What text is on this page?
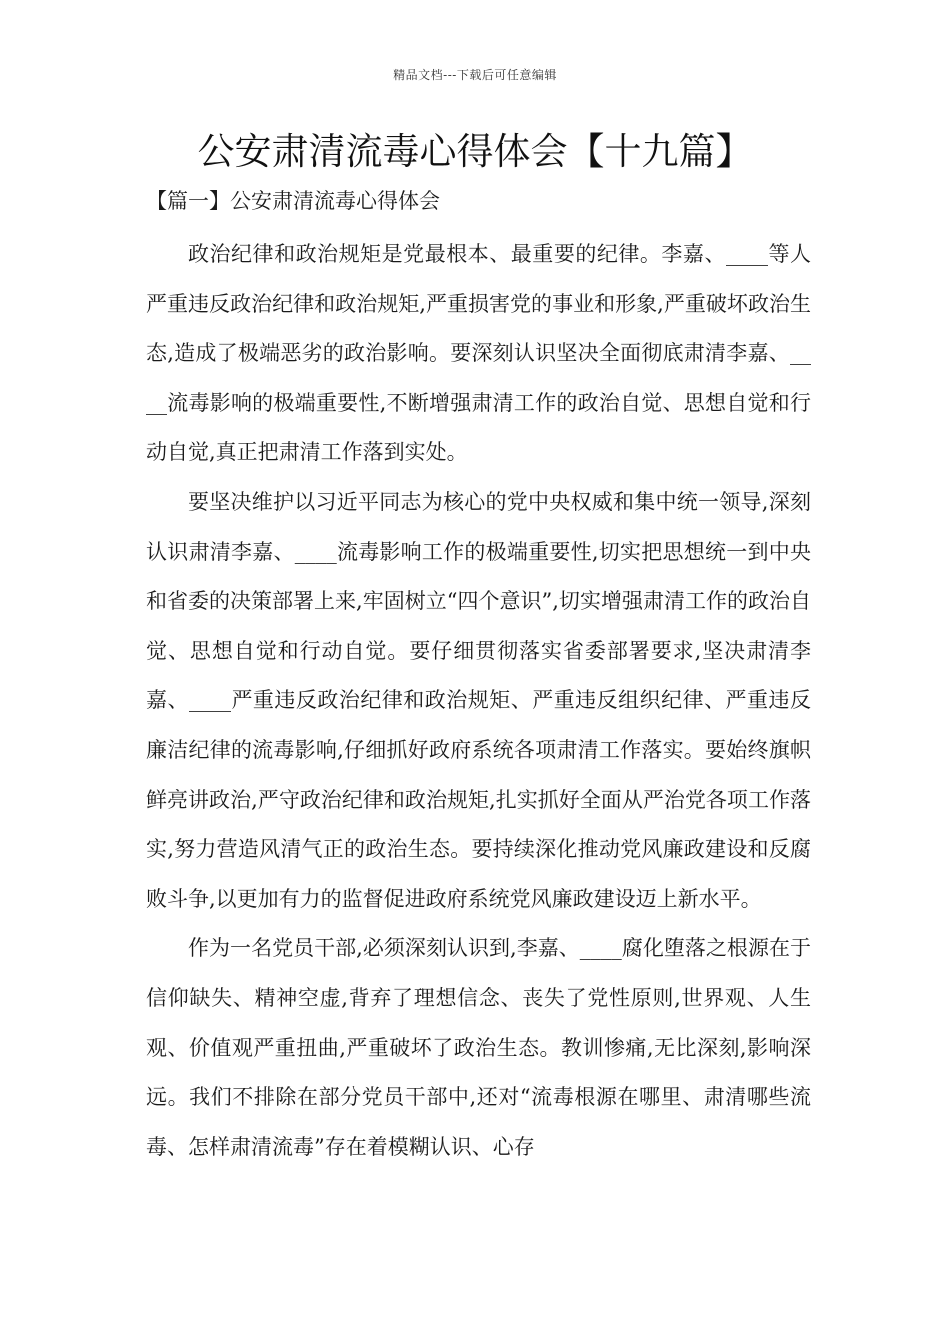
精品文档---下载后可任意编辑
公安肃清流毒心得体会【十九篇】
【篇一】公安肃清流毒心得体会

政治纪律和政治规矩是党最根本、最重要的纪律。李嘉、____等人严重违反政治纪律和政治规矩,严重损害党的事业和形象,严重破坏政治生态,造成了极端恶劣的政治影响。要深刻认识坚决全面彻底肃清李嘉、____流毒影响的极端重要性,不断增强肃清工作的政治自觉、思想自觉和行动自觉,真正把肃清工作落到实处。

要坚决维护以习近平同志为核心的党中央权威和集中统一领导,深刻认识肃清李嘉、____流毒影响工作的极端重要性,切实把思想统一到中央和省委的决策部署上来,牢固树立“四个意识”,切实增强肃清工作的政治自觉、思想自觉和行动自觉。要仔细贯彻落实省委部署要求,坚决肃清李嘉、____严重违反政治纪律和政治规矩、严重违反组织纪律、严重违反廉洁纪律的流毒影响,仔细抓好政府系统各项肃清工作落实。要始终旗帜鲜亮讲政治,严守政治纪律和政治规矩,扎实抓好全面从严治党各项工作落实,努力营造风清气正的政治生态。要持续深化推动党风廉政建设和反腐败斗争,以更加有力的监督促进政府系统党风廉政建设迈上新水平。

作为一名党员干部,必须深刻认识到,李嘉、____腐化堕落之根源在于信仰缺失、精神空虚,背弃了理想信念、丧失了党性原则,世界观、人生观、价值观严重扭曲,严重破坏了政治生态。教训惨痛,无比深刻,影响深远。我们不排除在部分党员干部中,还对“流毒根源在哪里、肃清哪些流毒、怎样肃清流毒”存在着模糊认识、心存
